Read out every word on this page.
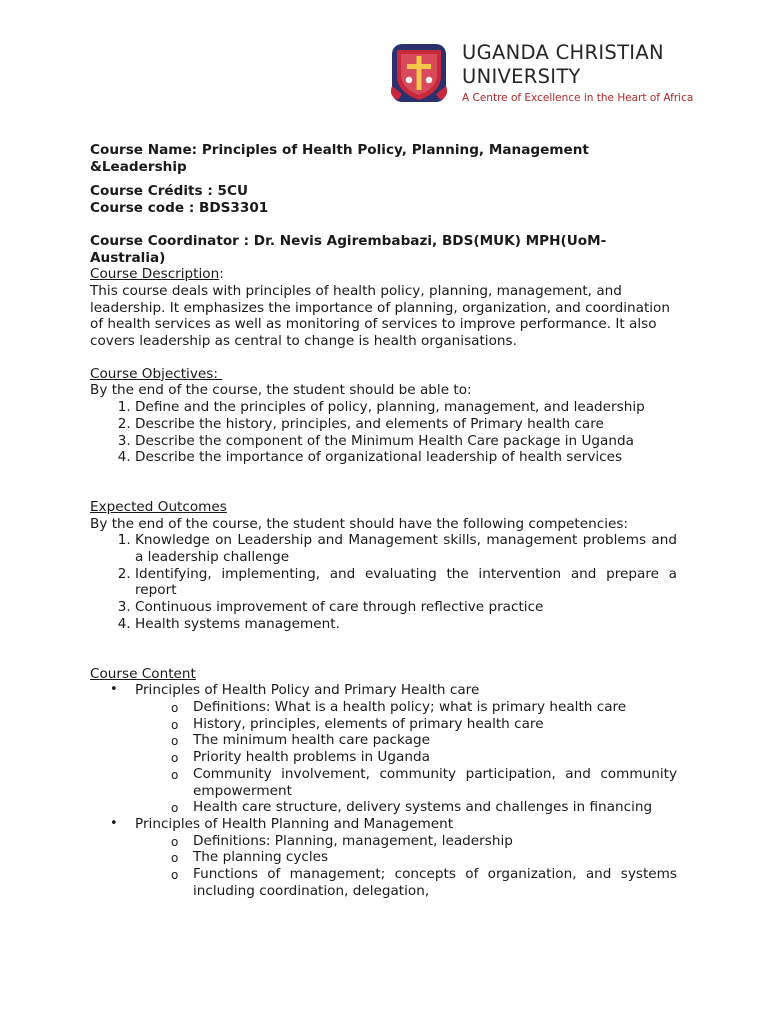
UGANDA CHRISTIAN
UNIVERSITY
A Centre of Excellence in the Heart of Africa

Course Name: Principles of Health Policy, Planning, Management &Leadership

Course Crédits : 5CU

Course code : BDS3301

Course Coordinator : Dr. Nevis Agirembabazi, BDS(MUK) MPH(UoM-Australia)

Course Description:

This course deals with principles of health policy, planning, management, and leadership. It emphasizes the importance of planning, organization, and coordination of health services as well as monitoring of services to improve performance. It also covers leadership as central to change is health organisations.

Course Objectives:

By the end of the course, the student should be able to:

1. Define and the principles of policy, planning, management, and leadership
2. Describe the history, principles, and elements of Primary health care
3. Describe the component of the Minimum Health Care package in Uganda
4. Describe the importance of organizational leadership of health services

Expected Outcomes

By the end of the course, the student should have the following competencies:

1. Knowledge on Leadership and Management skills, management problems and a leadership challenge
2. Identifying, implementing, and evaluating the intervention and prepare a report
3. Continuous improvement of care through reflective practice
4. Health systems management.

Course Content

• Principles of Health Policy and Primary Health care
o Definitions: What is a health policy; what is primary health care
o History, principles, elements of primary health care
o The minimum health care package
o Priority health problems in Uganda
o Community involvement, community participation, and community empowerment
o Health care structure, delivery systems and challenges in financing
• Principles of Health Planning and Management
o Definitions: Planning, management, leadership
o The planning cycles
o Functions of management; concepts of organization, and systems including coordination, delegation,
